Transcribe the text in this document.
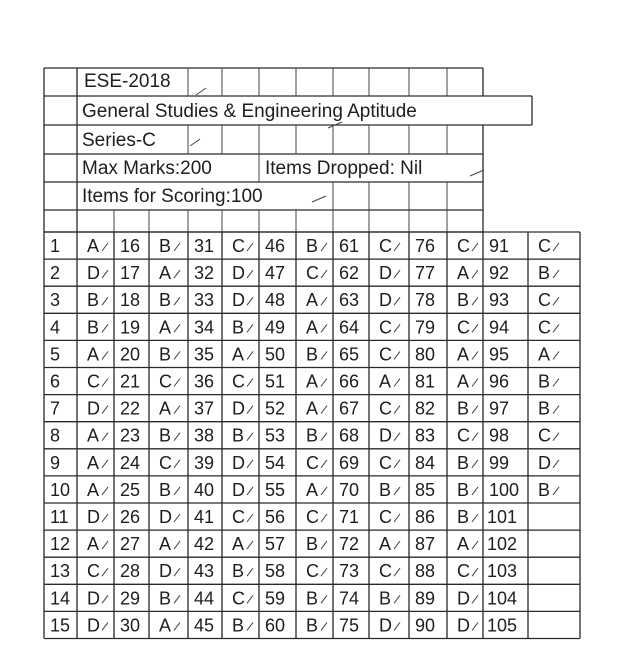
ESE-2018
General Studies & Engineering Aptitude
Series-C
Max Marks:200	Items Dropped: Nil
Items for Scoring:100
1 A 16 B 31 C 46 B 61 C 76 C 91 C
2 D 17 A 32 D 47 C 62 D 77 A 92 B
3 B 18 B 33 D 48 A 63 D 78 B 93 C
4 B 19 A 34 B 49 A 64 C 79 C 94 C
5 A 20 B 35 A 50 B 65 C 80 A 95 A
6 C 21 C 36 C 51 A 66 A 81 A 96 B
7 D 22 A 37 D 52 A 67 C 82 B 97 B
8 A 23 B 38 B 53 B 68 D 83 C 98 C
9 A 24 C 39 D 54 C 69 C 84 B 99 D
10 A 25 B 40 D 55 A 70 B 85 B 100 B
11 D 26 D 41 C 56 C 71 C 86 B 101
12 A 27 A 42 A 57 B 72 A 87 A 102
13 C 28 D 43 B 58 C 73 C 88 C 103
14 D 29 B 44 C 59 B 74 B 89 D 104
15 D 30 A 45 B 60 B 75 D 90 D 105
